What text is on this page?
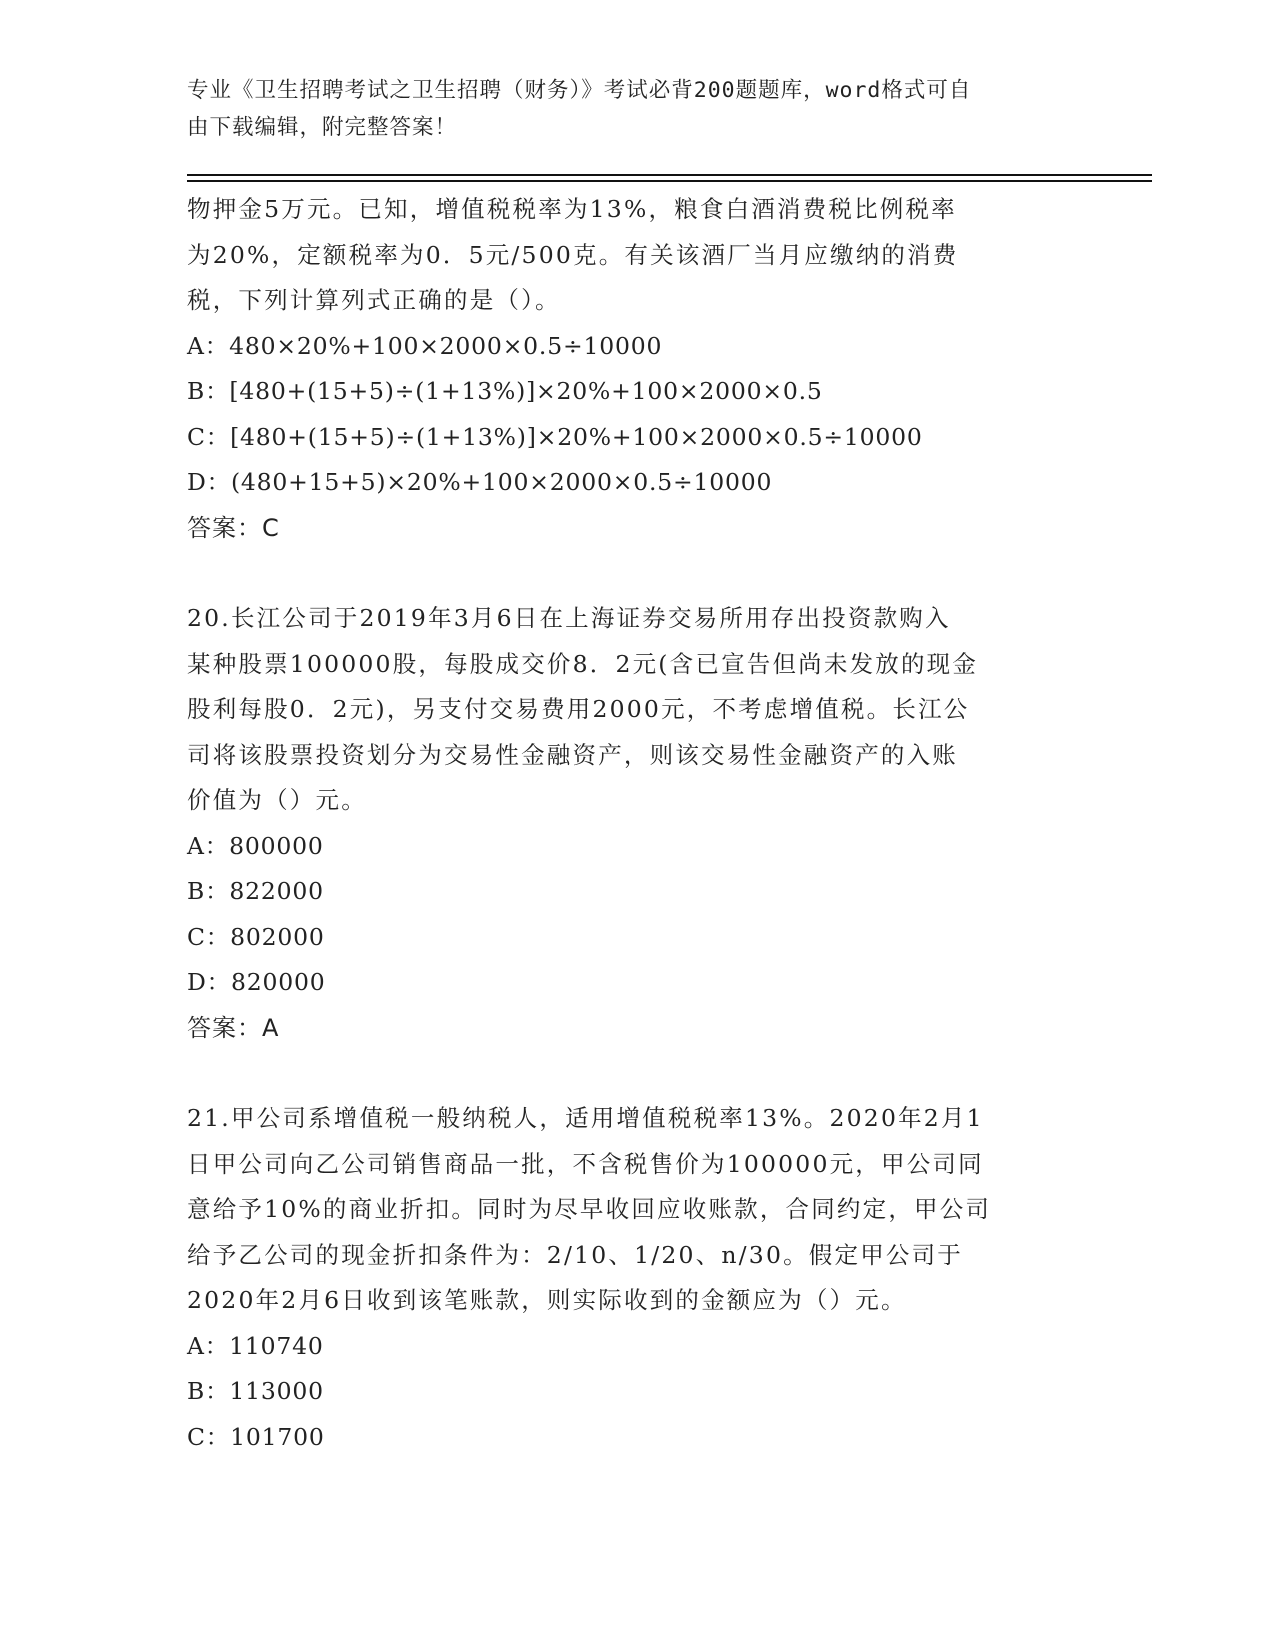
专业《卫生招聘考试之卫生招聘（财务）》考试必背200题题库，word格式可自
由下载编辑，附完整答案！

物押金5万元。已知，增值税税率为13%，粮食白酒消费税比例税率
为20%，定额税率为0．5元/500克。有关该酒厂当月应缴纳的消费
税，下列计算列式正确的是（）。

A：480×20%+100×2000×0.5÷10000

B：[480+(15+5)÷(1+13%)]×20%+100×2000×0.5

C：[480+(15+5)÷(1+13%)]×20%+100×2000×0.5÷10000

D：(480+15+5)×20%+100×2000×0.5÷10000

答案：C

20.长江公司于2019年3月6日在上海证券交易所用存出投资款购入
某种股票100000股，每股成交价8．2元(含已宣告但尚未发放的现金
股利每股0．2元)，另支付交易费用2000元，不考虑增值税。长江公
司将该股票投资划分为交易性金融资产，则该交易性金融资产的入账
价值为（）元。

A：800000

B：822000

C：802000

D：820000

答案：A

21.甲公司系增值税一般纳税人，适用增值税税率13%。2020年2月1
日甲公司向乙公司销售商品一批，不含税售价为100000元，甲公司同
意给予10%的商业折扣。同时为尽早收回应收账款，合同约定，甲公司
给予乙公司的现金折扣条件为：2/10、1/20、n/30。假定甲公司于
2020年2月6日收到该笔账款，则实际收到的金额应为（）元。

A：110740

B：113000

C：101700
